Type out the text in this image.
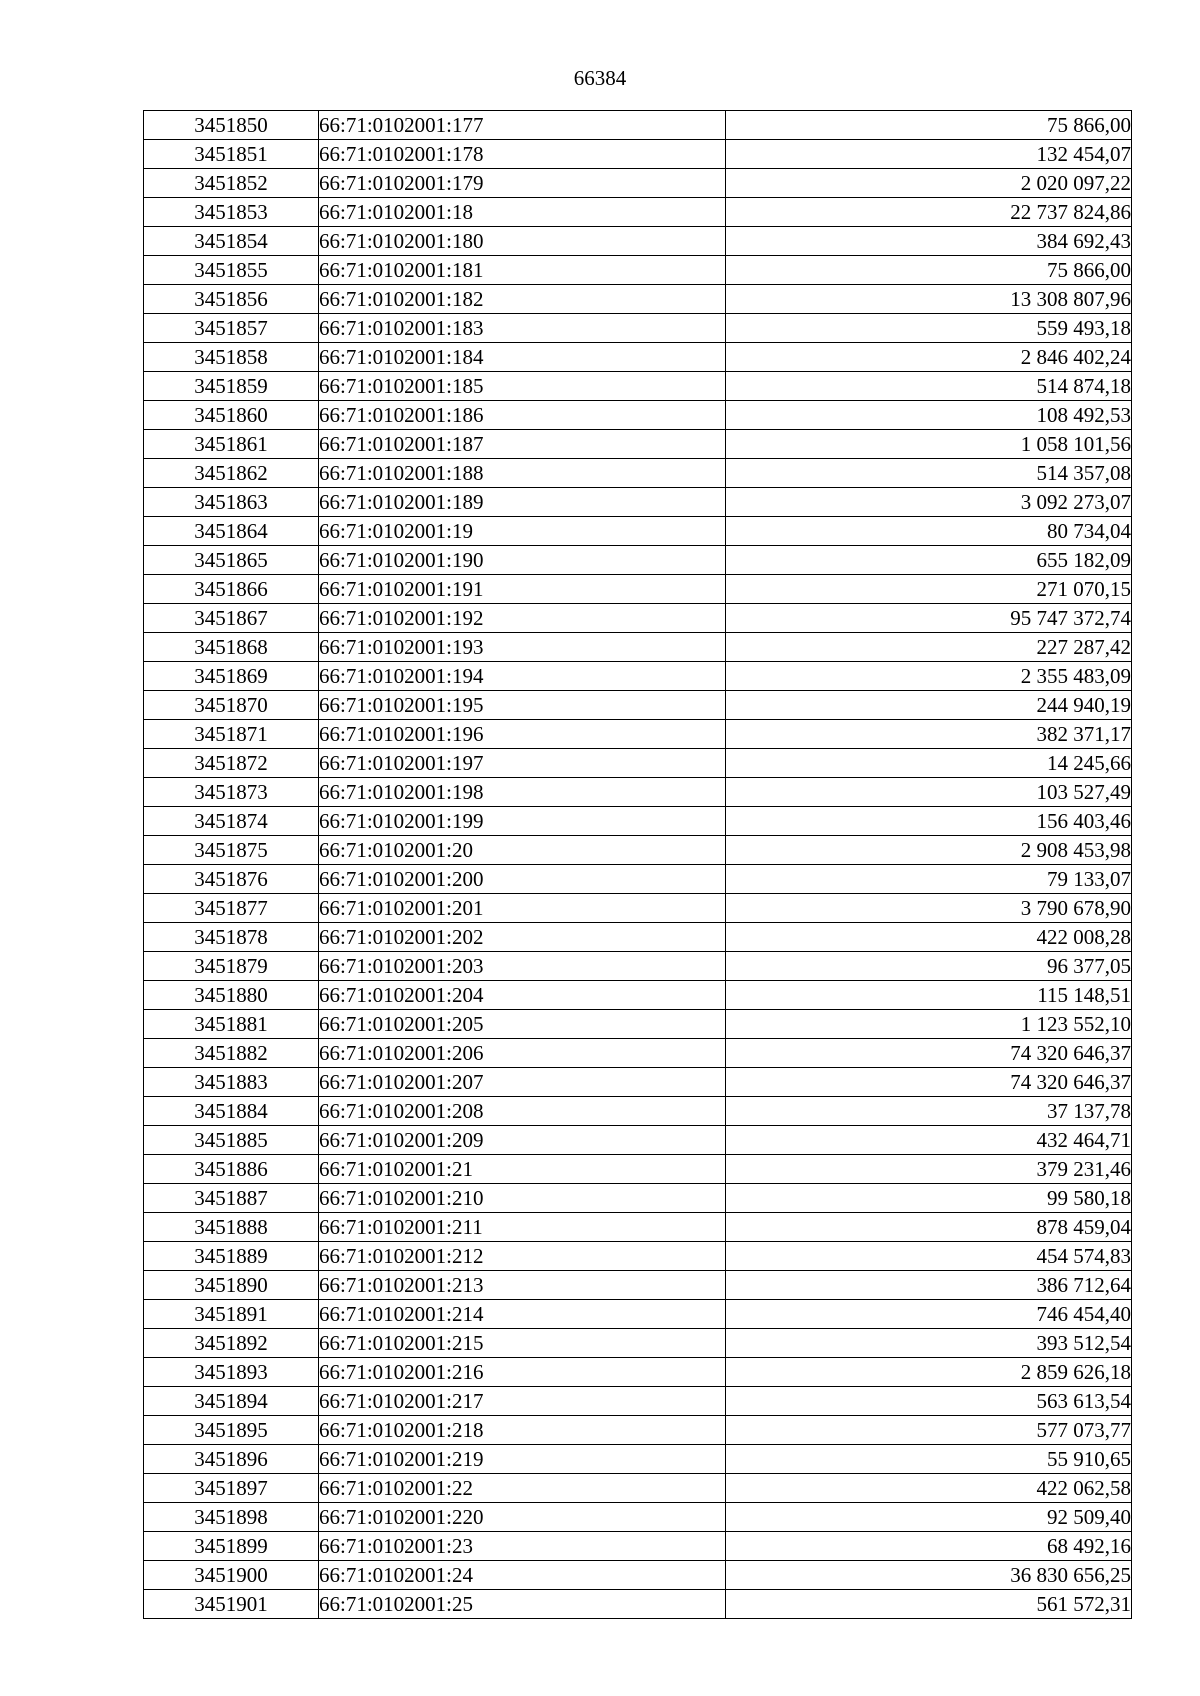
66384
3451850	66:71:0102001:177	75 866,00
3451851	66:71:0102001:178	132 454,07
3451852	66:71:0102001:179	2 020 097,22
3451853	66:71:0102001:18	22 737 824,86
3451854	66:71:0102001:180	384 692,43
3451855	66:71:0102001:181	75 866,00
3451856	66:71:0102001:182	13 308 807,96
3451857	66:71:0102001:183	559 493,18
3451858	66:71:0102001:184	2 846 402,24
3451859	66:71:0102001:185	514 874,18
3451860	66:71:0102001:186	108 492,53
3451861	66:71:0102001:187	1 058 101,56
3451862	66:71:0102001:188	514 357,08
3451863	66:71:0102001:189	3 092 273,07
3451864	66:71:0102001:19	80 734,04
3451865	66:71:0102001:190	655 182,09
3451866	66:71:0102001:191	271 070,15
3451867	66:71:0102001:192	95 747 372,74
3451868	66:71:0102001:193	227 287,42
3451869	66:71:0102001:194	2 355 483,09
3451870	66:71:0102001:195	244 940,19
3451871	66:71:0102001:196	382 371,17
3451872	66:71:0102001:197	14 245,66
3451873	66:71:0102001:198	103 527,49
3451874	66:71:0102001:199	156 403,46
3451875	66:71:0102001:20	2 908 453,98
3451876	66:71:0102001:200	79 133,07
3451877	66:71:0102001:201	3 790 678,90
3451878	66:71:0102001:202	422 008,28
3451879	66:71:0102001:203	96 377,05
3451880	66:71:0102001:204	115 148,51
3451881	66:71:0102001:205	1 123 552,10
3451882	66:71:0102001:206	74 320 646,37
3451883	66:71:0102001:207	74 320 646,37
3451884	66:71:0102001:208	37 137,78
3451885	66:71:0102001:209	432 464,71
3451886	66:71:0102001:21	379 231,46
3451887	66:71:0102001:210	99 580,18
3451888	66:71:0102001:211	878 459,04
3451889	66:71:0102001:212	454 574,83
3451890	66:71:0102001:213	386 712,64
3451891	66:71:0102001:214	746 454,40
3451892	66:71:0102001:215	393 512,54
3451893	66:71:0102001:216	2 859 626,18
3451894	66:71:0102001:217	563 613,54
3451895	66:71:0102001:218	577 073,77
3451896	66:71:0102001:219	55 910,65
3451897	66:71:0102001:22	422 062,58
3451898	66:71:0102001:220	92 509,40
3451899	66:71:0102001:23	68 492,16
3451900	66:71:0102001:24	36 830 656,25
3451901	66:71:0102001:25	561 572,31
